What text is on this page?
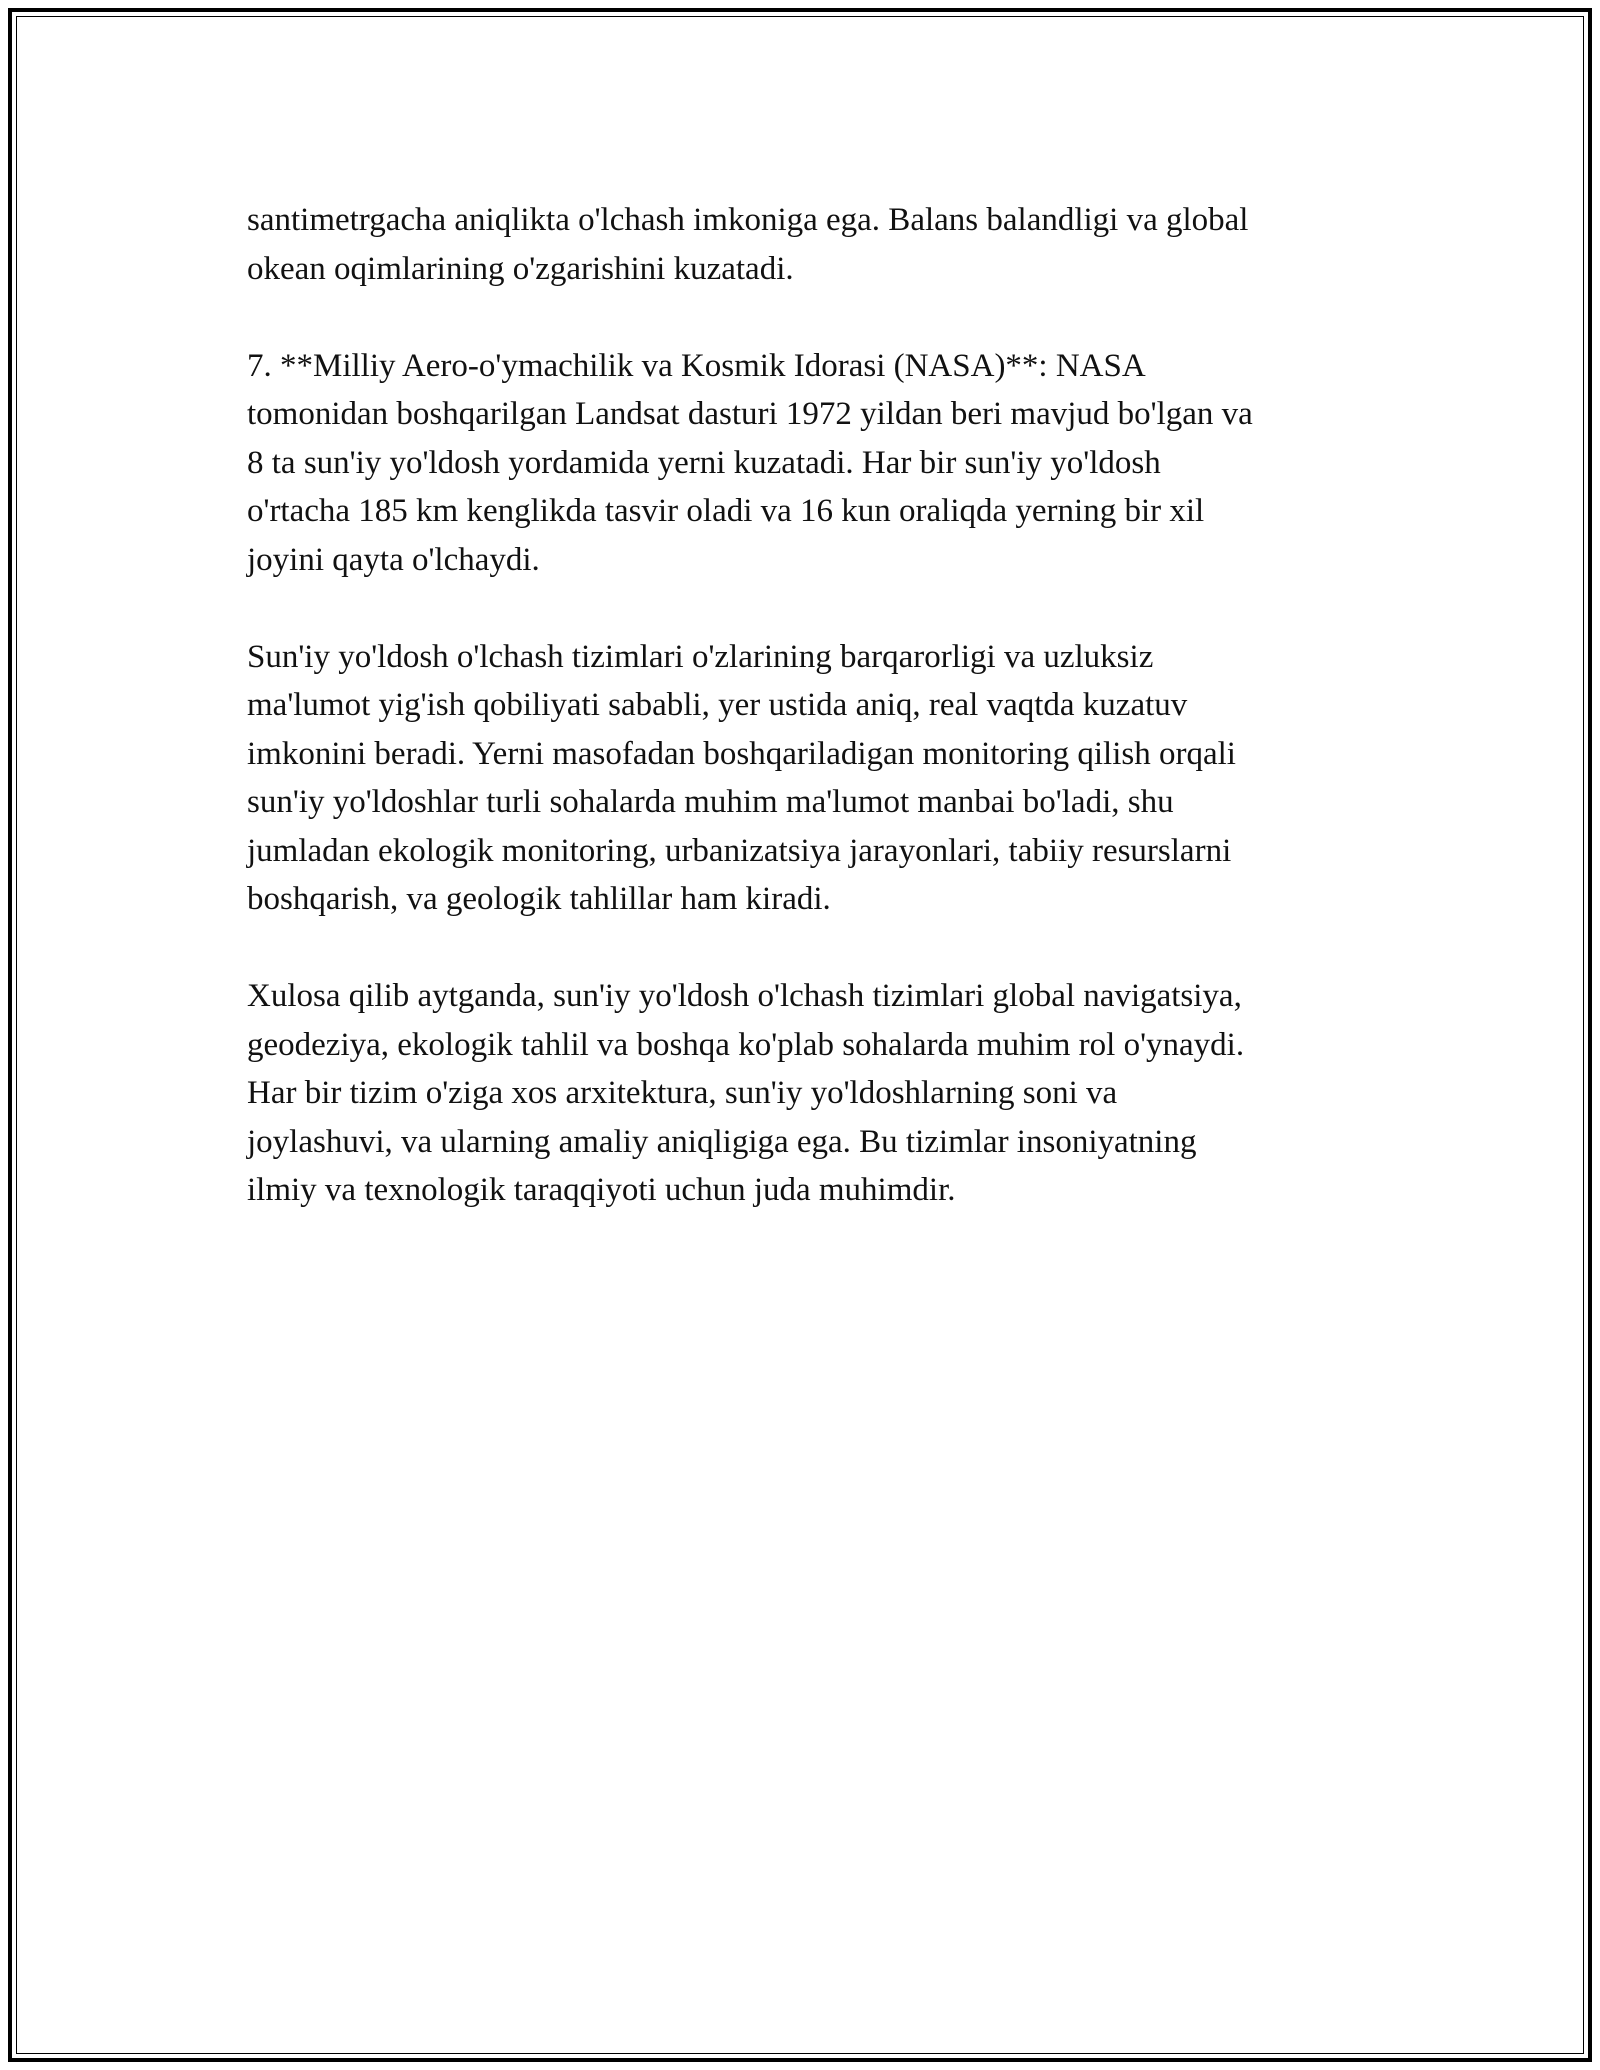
santimetrgacha aniqlikta o'lchash imkoniga ega. Balans balandligi va global
okean oqimlarining o'zgarishini kuzatadi.
7. **Milliy Aero-o'ymachilik va Kosmik Idorasi (NASA)**: NASA
tomonidan boshqarilgan Landsat dasturi 1972 yildan beri mavjud bo'lgan va
8 ta sun'iy yo'ldosh yordamida yerni kuzatadi. Har bir sun'iy yo'ldosh
o'rtacha 185 km kenglikda tasvir oladi va 16 kun oraliqda yerning bir xil
joyini qayta o'lchaydi.
Sun'iy yo'ldosh o'lchash tizimlari o'zlarining barqarorligi va uzluksiz
ma'lumot yig'ish qobiliyati sababli, yer ustida aniq, real vaqtda kuzatuv
imkonini beradi. Yerni masofadan boshqariladigan monitoring qilish orqali
sun'iy yo'ldoshlar turli sohalarda muhim ma'lumot manbai bo'ladi, shu
jumladan ekologik monitoring, urbanizatsiya jarayonlari, tabiiy resurslarni
boshqarish, va geologik tahlillar ham kiradi.
Xulosa qilib aytganda, sun'iy yo'ldosh o'lchash tizimlari global navigatsiya,
geodeziya, ekologik tahlil va boshqa ko'plab sohalarda muhim rol o'ynaydi.
Har bir tizim o'ziga xos arxitektura, sun'iy yo'ldoshlarning soni va
joylashuvi, va ularning amaliy aniqligiga ega. Bu tizimlar insoniyatning
ilmiy va texnologik taraqqiyoti uchun juda muhimdir.
